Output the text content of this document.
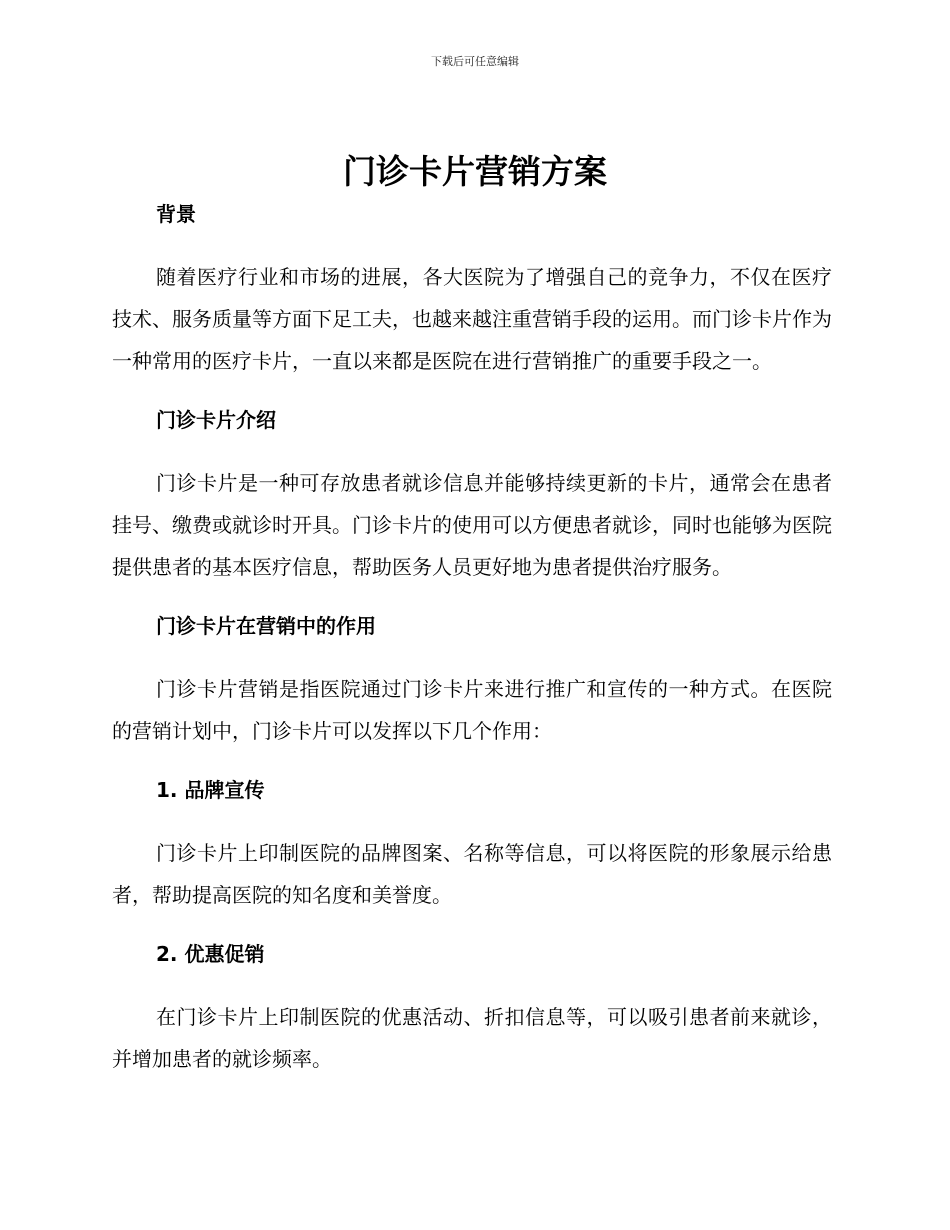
下载后可任意编辑
门诊卡片营销方案
背景

随着医疗行业和市场的进展，各大医院为了增强自己的竞争力，不仅在医疗技术、服务质量等方面下足工夫，也越来越注重营销手段的运用。而门诊卡片作为一种常用的医疗卡片，一直以来都是医院在进行营销推广的重要手段之一。

门诊卡片介绍

门诊卡片是一种可存放患者就诊信息并能够持续更新的卡片，通常会在患者挂号、缴费或就诊时开具。门诊卡片的使用可以方便患者就诊，同时也能够为医院提供患者的基本医疗信息，帮助医务人员更好地为患者提供治疗服务。

门诊卡片在营销中的作用

门诊卡片营销是指医院通过门诊卡片来进行推广和宣传的一种方式。在医院的营销计划中，门诊卡片可以发挥以下几个作用：

1. 品牌宣传

门诊卡片上印制医院的品牌图案、名称等信息，可以将医院的形象展示给患者，帮助提高医院的知名度和美誉度。

2. 优惠促销

在门诊卡片上印制医院的优惠活动、折扣信息等，可以吸引患者前来就诊，并增加患者的就诊频率。
